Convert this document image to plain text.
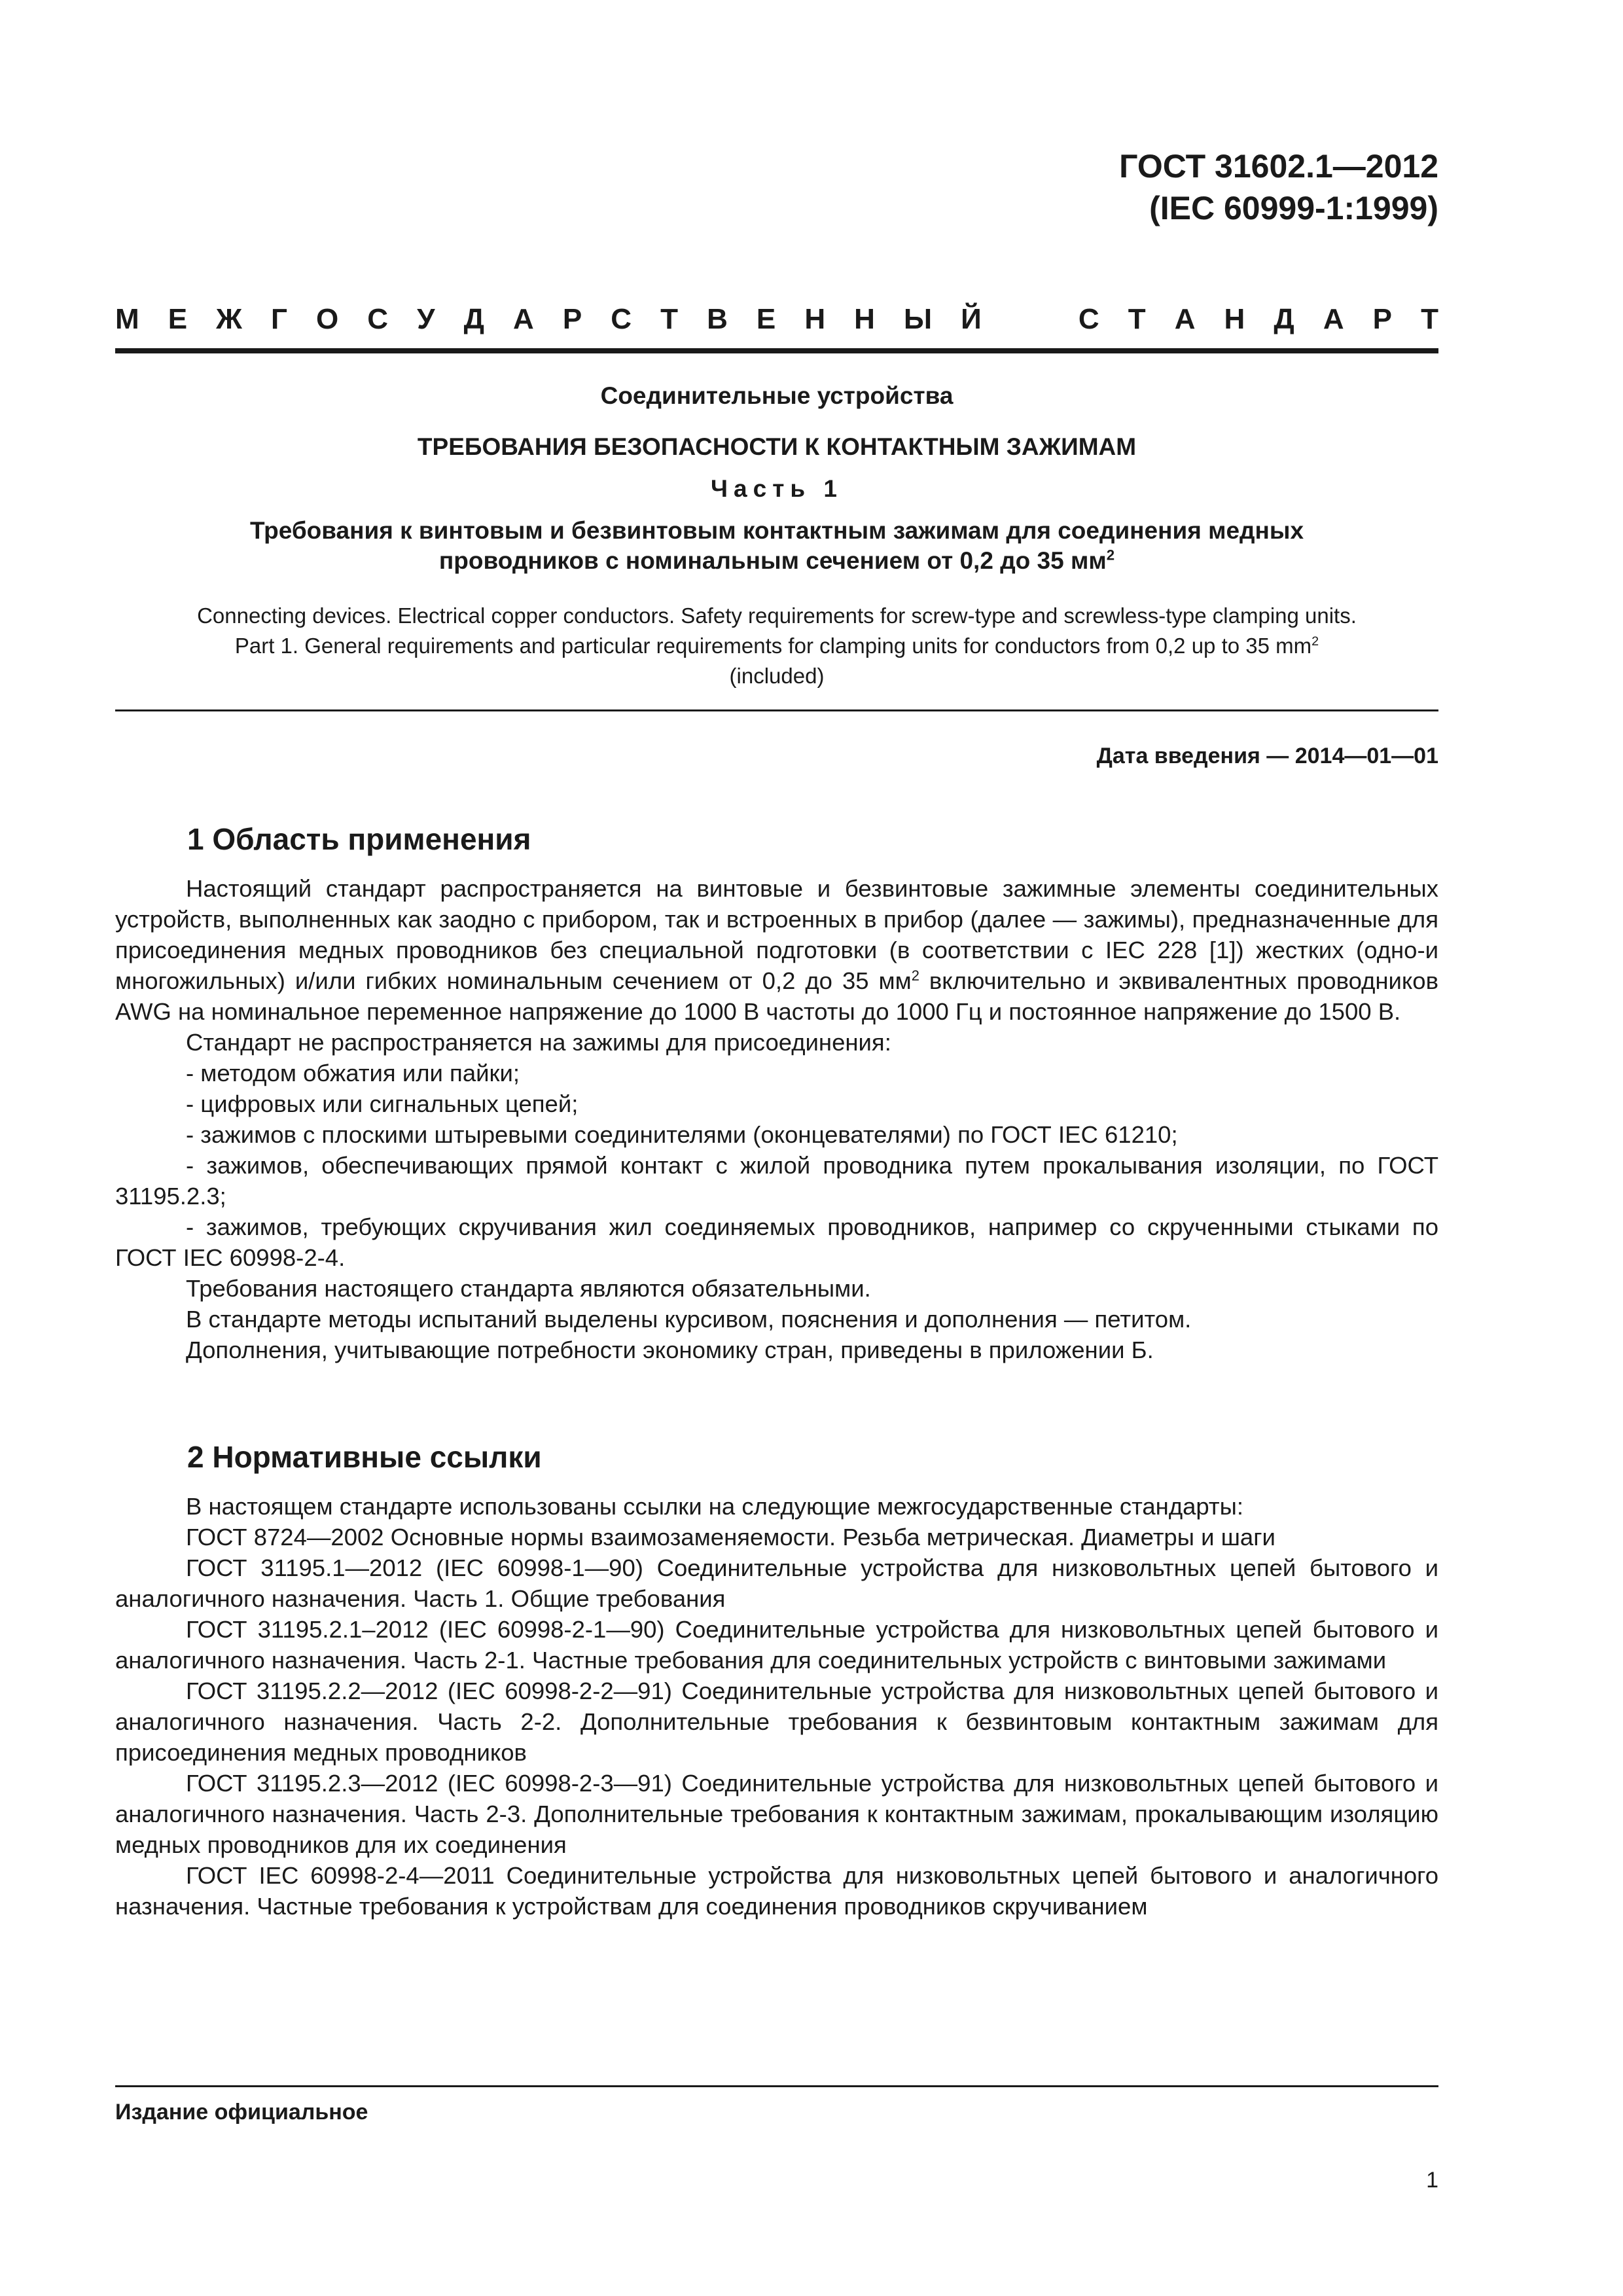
ГОСТ 31602.1—2012
(IEC 60999-1:1999)
М Е Ж Г О С У Д А Р С Т В Е Н Н Ы Й	С Т А Н Д А Р Т
Соединительные устройства
ТРЕБОВАНИЯ БЕЗОПАСНОСТИ К КОНТАКТНЫМ ЗАЖИМАМ
Часть 1
Требования к винтовым и безвинтовым контактным зажимам для соединения медных
проводников с номинальным сечением от 0,2 до 35 $мм^2$
Connecting devices. Electrical copper conductors. Safety requirements for screw-type and screwless-type clamping units.
Part 1. General requirements and particular requirements for clamping units for conductors from 0,2 up to 35 $mm^2$
(included)
Дата введения — 2014—01—01
1 Область применения

Настоящий стандарт распространяется на винтовые и безвинтовые зажимные элементы соединительных устройств, выполненных как заодно с прибором, так и встроенных в прибор (далее — зажимы), предназначенные для присоединения медных проводников без специальной подготовки (в соответствии с IEC 228 [1]) жестких (одно-и многожильных) и/или гибких номинальным сечением от 0,2 до 35 $мм^2$ включительно и эквивалентных проводников AWG на номинальное переменное напряжение до 1000 В частоты до 1000 Гц и постоянное напряжение до 1500 В.

Стандарт не распространяется на зажимы для присоединения:

- методом обжатия или пайки;

- цифровых или сигнальных цепей;

- зажимов с плоскими штыревыми соединителями (оконцевателями) по ГОСТ IEC 61210;

- зажимов, обеспечивающих прямой контакт с жилой проводника путем прокалывания изоляции, по ГОСТ 31195.2.3;

- зажимов, требующих скручивания жил соединяемых проводников, например со скрученными стыками по ГОСТ IEC 60998-2-4.

Требования настоящего стандарта являются обязательными.

В стандарте методы испытаний выделены курсивом, пояснения и дополнения — петитом.

Дополнения, учитывающие потребности экономику стран, приведены в приложении Б.

2 Нормативные ссылки

В настоящем стандарте использованы ссылки на следующие межгосударственные стандарты:

ГОСТ 8724—2002 Основные нормы взаимозаменяемости. Резьба метрическая. Диаметры и шаги

ГОСТ 31195.1—2012 (IEC 60998-1—90) Соединительные устройства для низковольтных цепей бытового и аналогичного назначения. Часть 1. Общие требования

ГОСТ 31195.2.1–2012 (IEC 60998-2-1—90) Соединительные устройства для низковольтных цепей бытового и аналогичного назначения. Часть 2-1. Частные требования для соединительных устройств с винтовыми зажимами

ГОСТ 31195.2.2—2012 (IEC 60998-2-2—91) Соединительные устройства для низковольтных цепей бытового и аналогичного назначения. Часть 2-2. Дополнительные требования к безвинтовым контактным зажимам для присоединения медных проводников

ГОСТ 31195.2.3—2012 (IEC 60998-2-3—91) Соединительные устройства для низковольтных цепей бытового и аналогичного назначения. Часть 2-3. Дополнительные требования к контактным зажимам, прокалывающим изоляцию медных проводников для их соединения

ГОСТ IEC 60998-2-4—2011 Соединительные устройства для низковольтных цепей бытового и аналогичного назначения. Частные требования к устройствам для соединения проводников скручиванием

Издание официальное
1
